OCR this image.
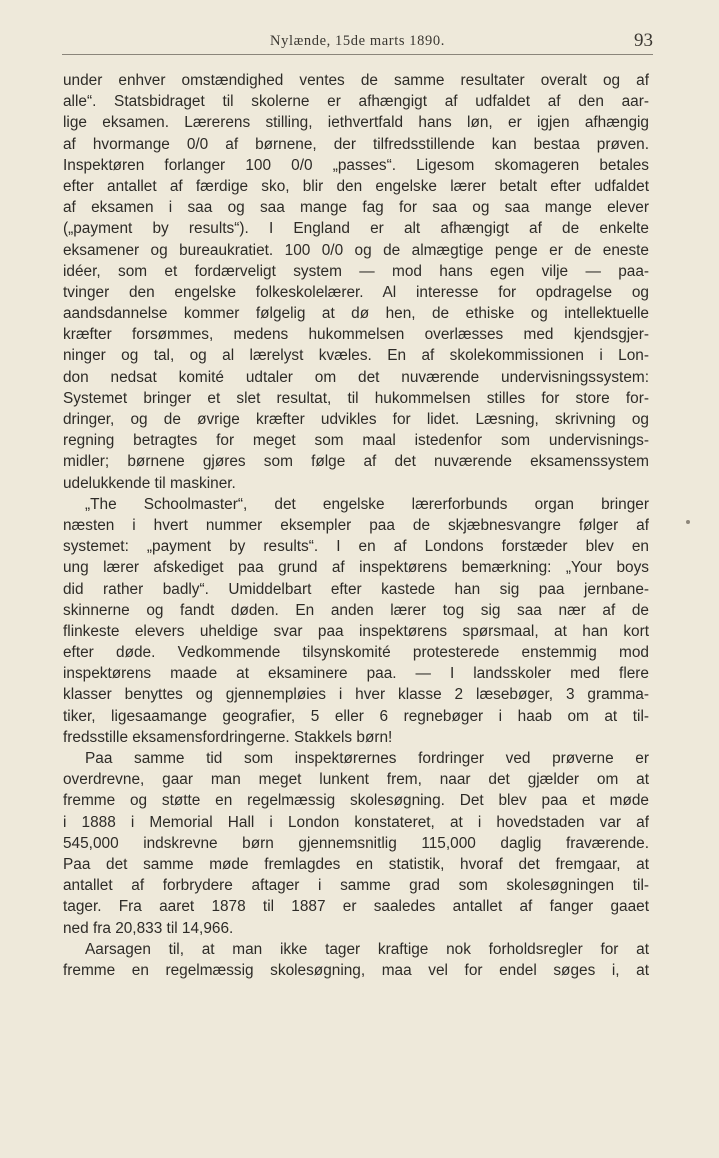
Nylænde, 15de marts 1890.	93
under enhver omstændighed ventes de samme resultater overalt og af
alle“. Statsbidraget til skolerne er afhængigt af udfaldet af den aar-
lige eksamen. Lærerens stilling, iethvertfald hans løn, er igjen afhængig
af hvormange 0/0 af børnene, der tilfredsstillende kan bestaa prøven.
Inspektøren forlanger 100 0/0 „passes“. Ligesom skomageren betales
efter antallet af færdige sko, blir den engelske lærer betalt efter udfaldet
af eksamen i saa og saa mange fag for saa og saa mange elever
(„payment by results“). I England er alt afhængigt af de enkelte
eksamener og bureaukratiet. 100 0/0 og de almægtige penge er de eneste
idéer, som et fordærveligt system — mod hans egen vilje — paa-
tvinger den engelske folkeskolelærer. Al interesse for opdragelse og
aandsdannelse kommer følgelig at dø hen, de ethiske og intellektuelle
kræfter forsømmes, medens hukommelsen overlæsses med kjendsgjer-
ninger og tal, og al lærelyst kvæles. En af skolekommissionen i Lon-
don nedsat komité udtaler om det nuværende undervisningssystem:
Systemet bringer et slet resultat, til hukommelsen stilles for store for-
dringer, og de øvrige kræfter udvikles for lidet. Læsning, skrivning og
regning betragtes for meget som maal istedenfor som undervisnings-
midler; børnene gjøres som følge af det nuværende eksamenssystem
udelukkende til maskiner.
„The Schoolmaster“, det engelske lærerforbunds organ bringer
næsten i hvert nummer eksempler paa de skjæbnesvangre følger af
systemet: „payment by results“. I en af Londons forstæder blev en
ung lærer afskediget paa grund af inspektørens bemærkning: „Your boys
did rather badly“. Umiddelbart efter kastede han sig paa jernbane-
skinnerne og fandt døden. En anden lærer tog sig saa nær af de
flinkeste elevers uheldige svar paa inspektørens spørsmaal, at han kort
efter døde. Vedkommende tilsynskomité protesterede enstemmig mod
inspektørens maade at eksaminere paa. — I landsskoler med flere
klasser benyttes og gjennempløies i hver klasse 2 læsebøger, 3 gramma-
tiker, ligesaamange geografier, 5 eller 6 regnebøger i haab om at til-
fredsstille eksamensfordringerne. Stakkels børn!
Paa samme tid som inspektørernes fordringer ved prøverne er
overdrevne, gaar man meget lunkent frem, naar det gjælder om at
fremme og støtte en regelmæssig skolesøgning. Det blev paa et møde
i 1888 i Memorial Hall i London konstateret, at i hovedstaden var af
545,000 indskrevne børn gjennemsnitlig 115,000 daglig fraværende.
Paa det samme møde fremlagdes en statistik, hvoraf det fremgaar, at
antallet af forbrydere aftager i samme grad som skolesøgningen til-
tager. Fra aaret 1878 til 1887 er saaledes antallet af fanger gaaet
ned fra 20,833 til 14,966.
Aarsagen til, at man ikke tager kraftige nok forholdsregler for at
fremme en regelmæssig skolesøgning, maa vel for endel søges i, at
